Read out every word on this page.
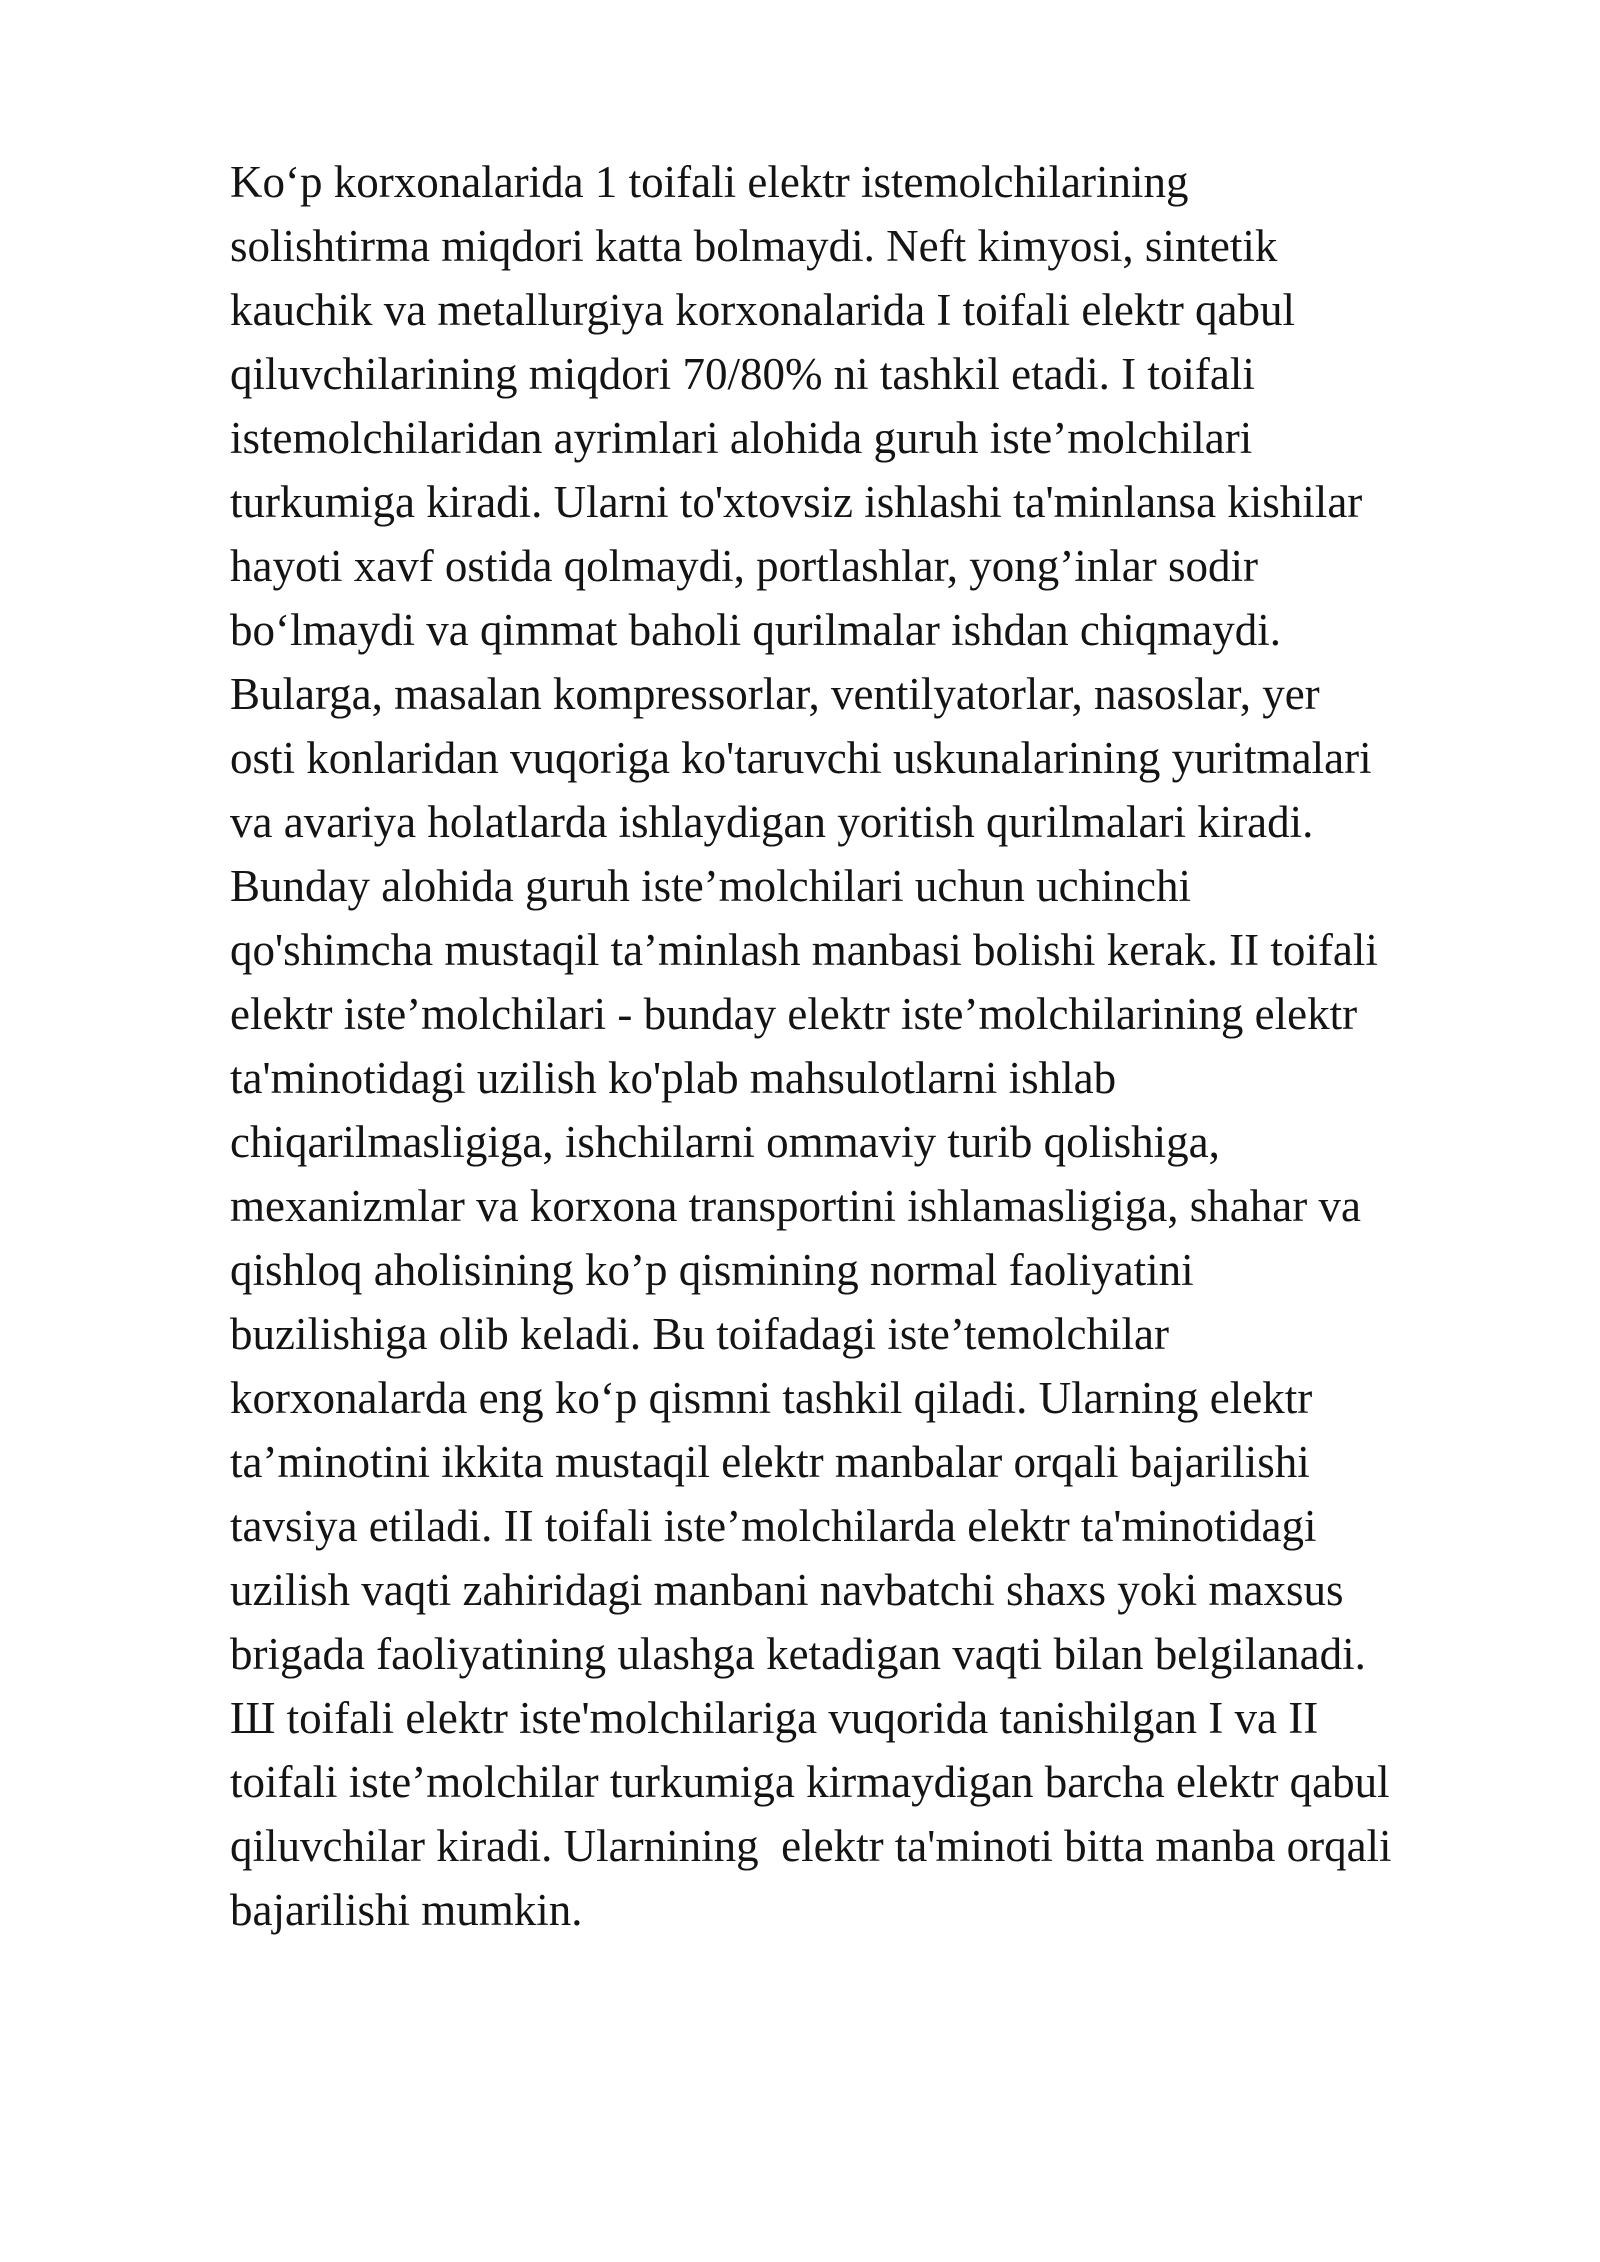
Ko‘p korxonalarida 1 toifali elektr istemolchilarining
solishtirma miqdori katta bolmaydi. Neft kimyosi, sintetik
kauchik va metallurgiya korxonalarida I toifali elektr qabul
qiluvchilarining miqdori 70/80% ni tashkil etadi. I toifali
istemolchilaridan ayrimlari alohida guruh iste’molchilari
turkumiga kiradi. Ularni to'xtovsiz ishlashi ta'minlansa kishilar
hayoti xavf ostida qolmaydi, portlashlar, yong’inlar sodir
bo‘lmaydi va qimmat baholi qurilmalar ishdan chiqmaydi.
Bularga, masalan kompressorlar, ventilyatorlar, nasoslar, yer
osti konlaridan vuqoriga ko'taruvchi uskunalarining yuritmalari
va avariya holatlarda ishlaydigan yoritish qurilmalari kiradi.
Bunday alohida guruh iste’molchilari uchun uchinchi
qo'shimcha mustaqil ta’minlash manbasi bolishi kerak. II toifali
elektr iste’molchilari - bunday elektr iste’molchilarining elektr
ta'minotidagi uzilish ko'plab mahsulotlarni ishlab
chiqarilmasligiga, ishchilarni ommaviy turib qolishiga,
mexanizmlar va korxona transportini ishlamasligiga, shahar va
qishloq aholisining ko’p qismining normal faoliyatini
buzilishiga olib keladi. Bu toifadagi iste’temolchilar
korxonalarda eng ko‘p qismni tashkil qiladi. Ularning elektr
ta’minotini ikkita mustaqil elektr manbalar orqali bajarilishi
tavsiya etiladi. II toifali iste’molchilarda elektr ta'minotidagi
uzilish vaqti zahiridagi manbani navbatchi shaxs yoki maxsus
brigada faoliyatining ulashga ketadigan vaqti bilan belgilanadi.
Ш toifali elektr iste'molchilariga vuqorida tanishilgan I va II
toifali iste’molchilar turkumiga kirmaydigan barcha elektr qabul
qiluvchilar kiradi. Ularnining  elektr ta'minoti bitta manba orqali
bajarilishi mumkin.
